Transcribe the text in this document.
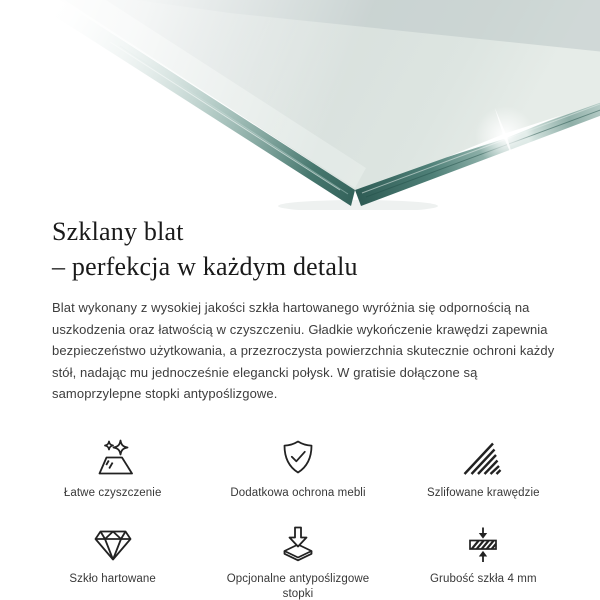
Szklany blat
– perfekcja w każdym detalu

Blat wykonany z wysokiej jakości szkła hartowanego wyróżnia się odpornością na uszkodzenia oraz łatwością w czyszczeniu. Gładkie wykończenie krawędzi zapewnia bezpieczeństwo użytkowania, a przezroczysta powierzchnia skutecznie ochroni każdy stół, nadając mu jednocześnie elegancki połysk. W gratisie dołączone są samoprzylepne stopki antypoślizgowe.

Łatwe czyszczenie	Dodatkowa ochrona mebli	Szlifowane krawędzie
Szkło hartowane	Opcjonalne antypoślizgowe stopki
Grubość szkła 4 mm
